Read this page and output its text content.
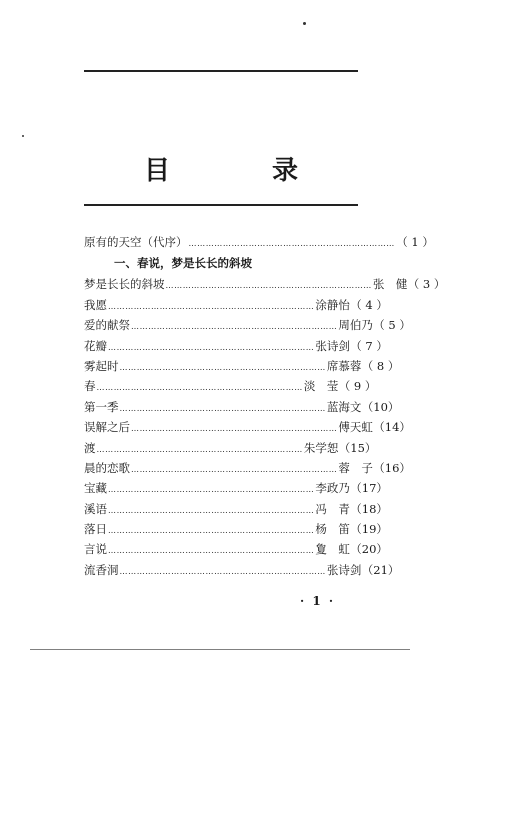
目　录
原有的天空（代序） ……………………………………………………………… （ 1 ）
一、春说，梦是长长的斜坡
梦是长长的斜坡 ……………………………………………………………… 张　健 （ 3 ）
我愿 ……………………………………………………………… 涂静怡 （ 4 ）
爱的献祭 ……………………………………………………………… 周伯乃 （ 5 ）
花瓣 ……………………………………………………………… 张诗剑 （ 7 ）
雾起时 ……………………………………………………………… 席慕蓉 （ 8 ）
春 ……………………………………………………………… 淡　莹 （ 9 ）
第一季 ……………………………………………………………… 蓝海文 （10）
误解之后 ……………………………………………………………… 傅天虹 （14）
渡 ……………………………………………………………… 朱学恕 （15）
晨的恋歌 ……………………………………………………………… 蓉　子 （16）
宝藏 ……………………………………………………………… 李政乃 （17）
溪语 ……………………………………………………………… 冯　青 （18）
落日 ……………………………………………………………… 杨　笛 （19）
言说 ……………………………………………………………… 夐　虹 （20）
流香洞 ……………………………………………………………… 张诗剑 （21）
· 1 ·
